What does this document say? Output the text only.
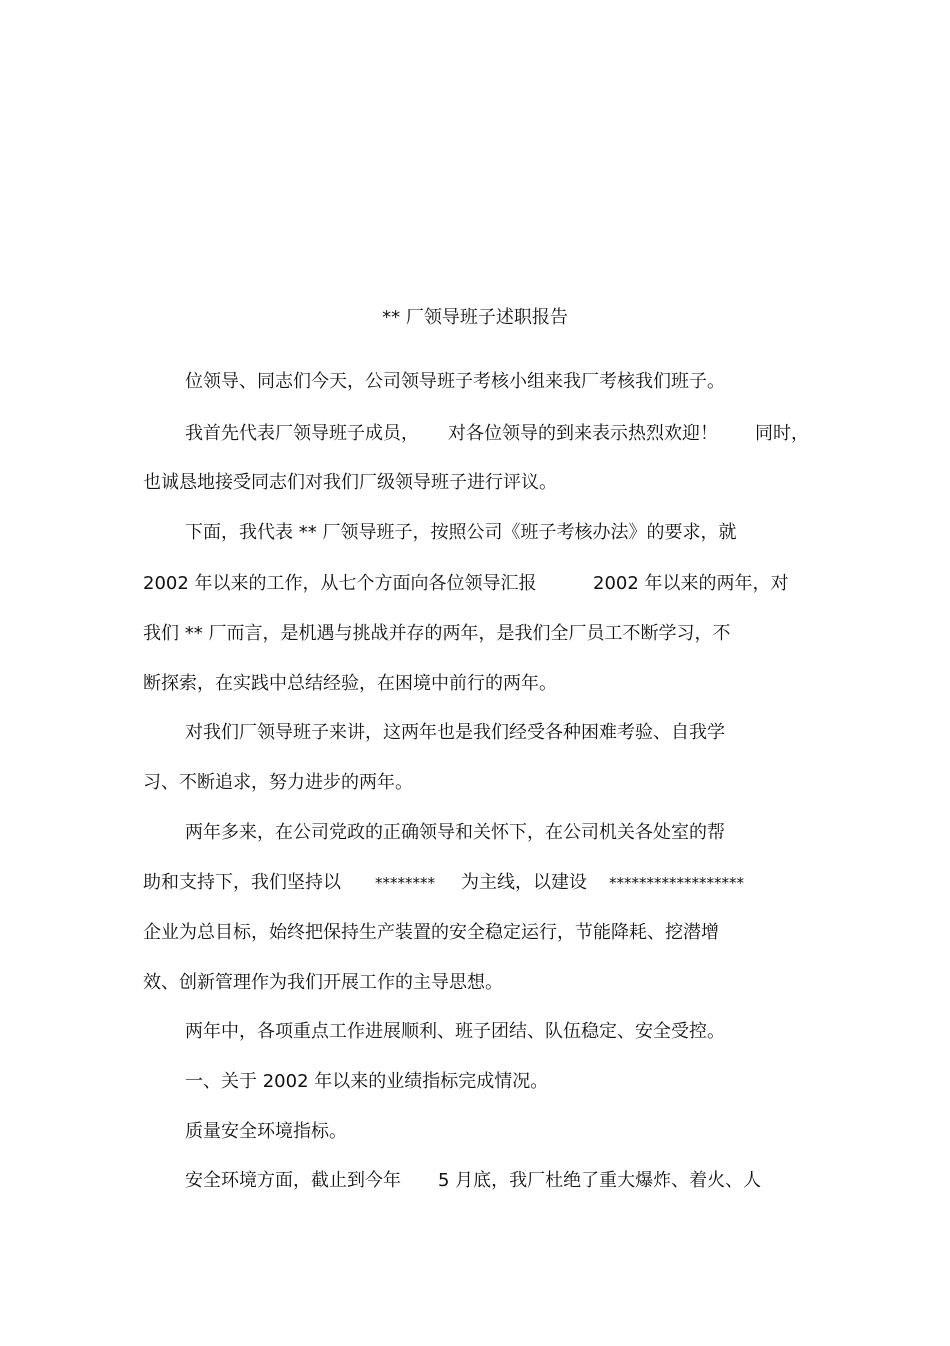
** 厂领导班子述职报告
位领导、同志们今天，公司领导班子考核小组来我厂考核我们班子。
我首先代表厂领导班子成员， 对各位领导的到来表示热烈欢迎！ 同时，
也诚恳地接受同志们对我们厂级领导班子进行评议。
下面，我代表 ** 厂领导班子，按照公司《班子考核办法》的要求，就
2002 年以来的工作，从七个方面向各位领导汇报	2002 年以来的两年，对
我们 ** 厂而言，是机遇与挑战并存的两年，是我们全厂员工不断学习，不
断探索，在实践中总结经验，在困境中前行的两年。
对我们厂领导班子来讲，这两年也是我们经受各种困难考验、自我学
习、不断追求，努力进步的两年。
两年多来，在公司党政的正确领导和关怀下，在公司机关各处室的帮
助和支持下，我们坚持以 ******** 为主线，以建设 ******************
企业为总目标，始终把保持生产装置的安全稳定运行，节能降耗、挖潜增
效、创新管理作为我们开展工作的主导思想。
两年中，各项重点工作进展顺利、班子团结、队伍稳定、安全受控。
一、关于 2002 年以来的业绩指标完成情况。
质量安全环境指标。
安全环境方面，截止到今年 5 月底，我厂杜绝了重大爆炸、着火、人
